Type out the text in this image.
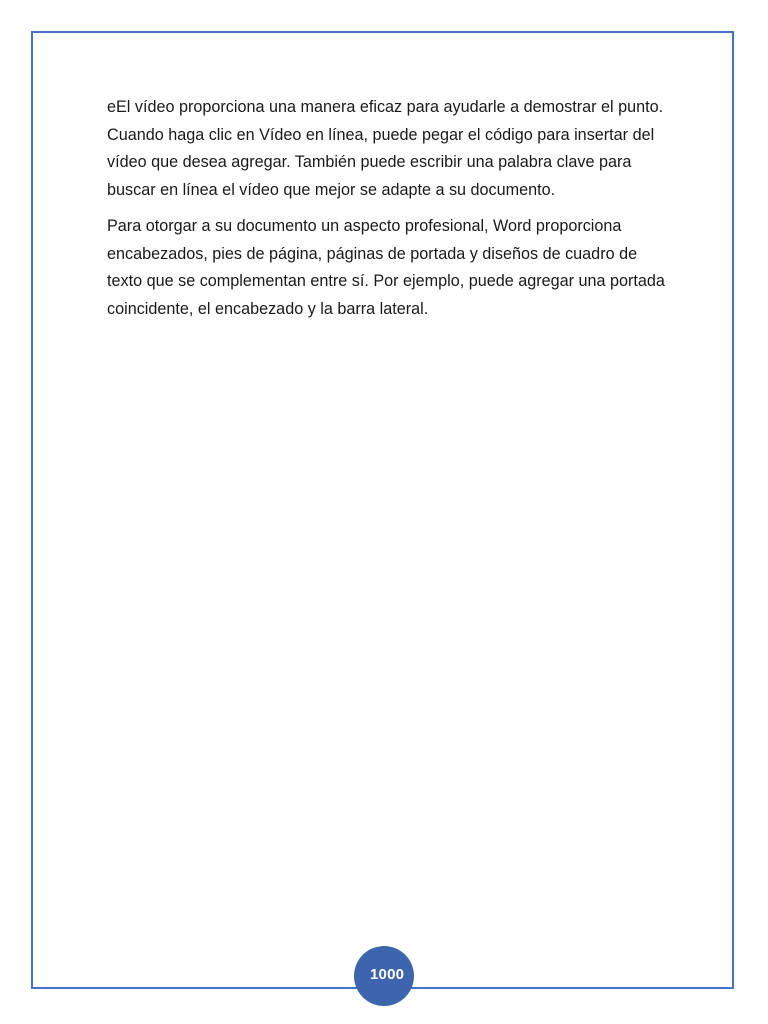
eEl vídeo proporciona una manera eficaz para ayudarle a demostrar el punto. Cuando haga clic en Vídeo en línea, puede pegar el código para insertar del vídeo que desea agregar. También puede escribir una palabra clave para buscar en línea el vídeo que mejor se adapte a su documento.

Para otorgar a su documento un aspecto profesional, Word proporciona encabezados, pies de página, páginas de portada y diseños de cuadro de texto que se complementan entre sí. Por ejemplo, puede agregar una portada coincidente, el encabezado y la barra lateral.

1000
